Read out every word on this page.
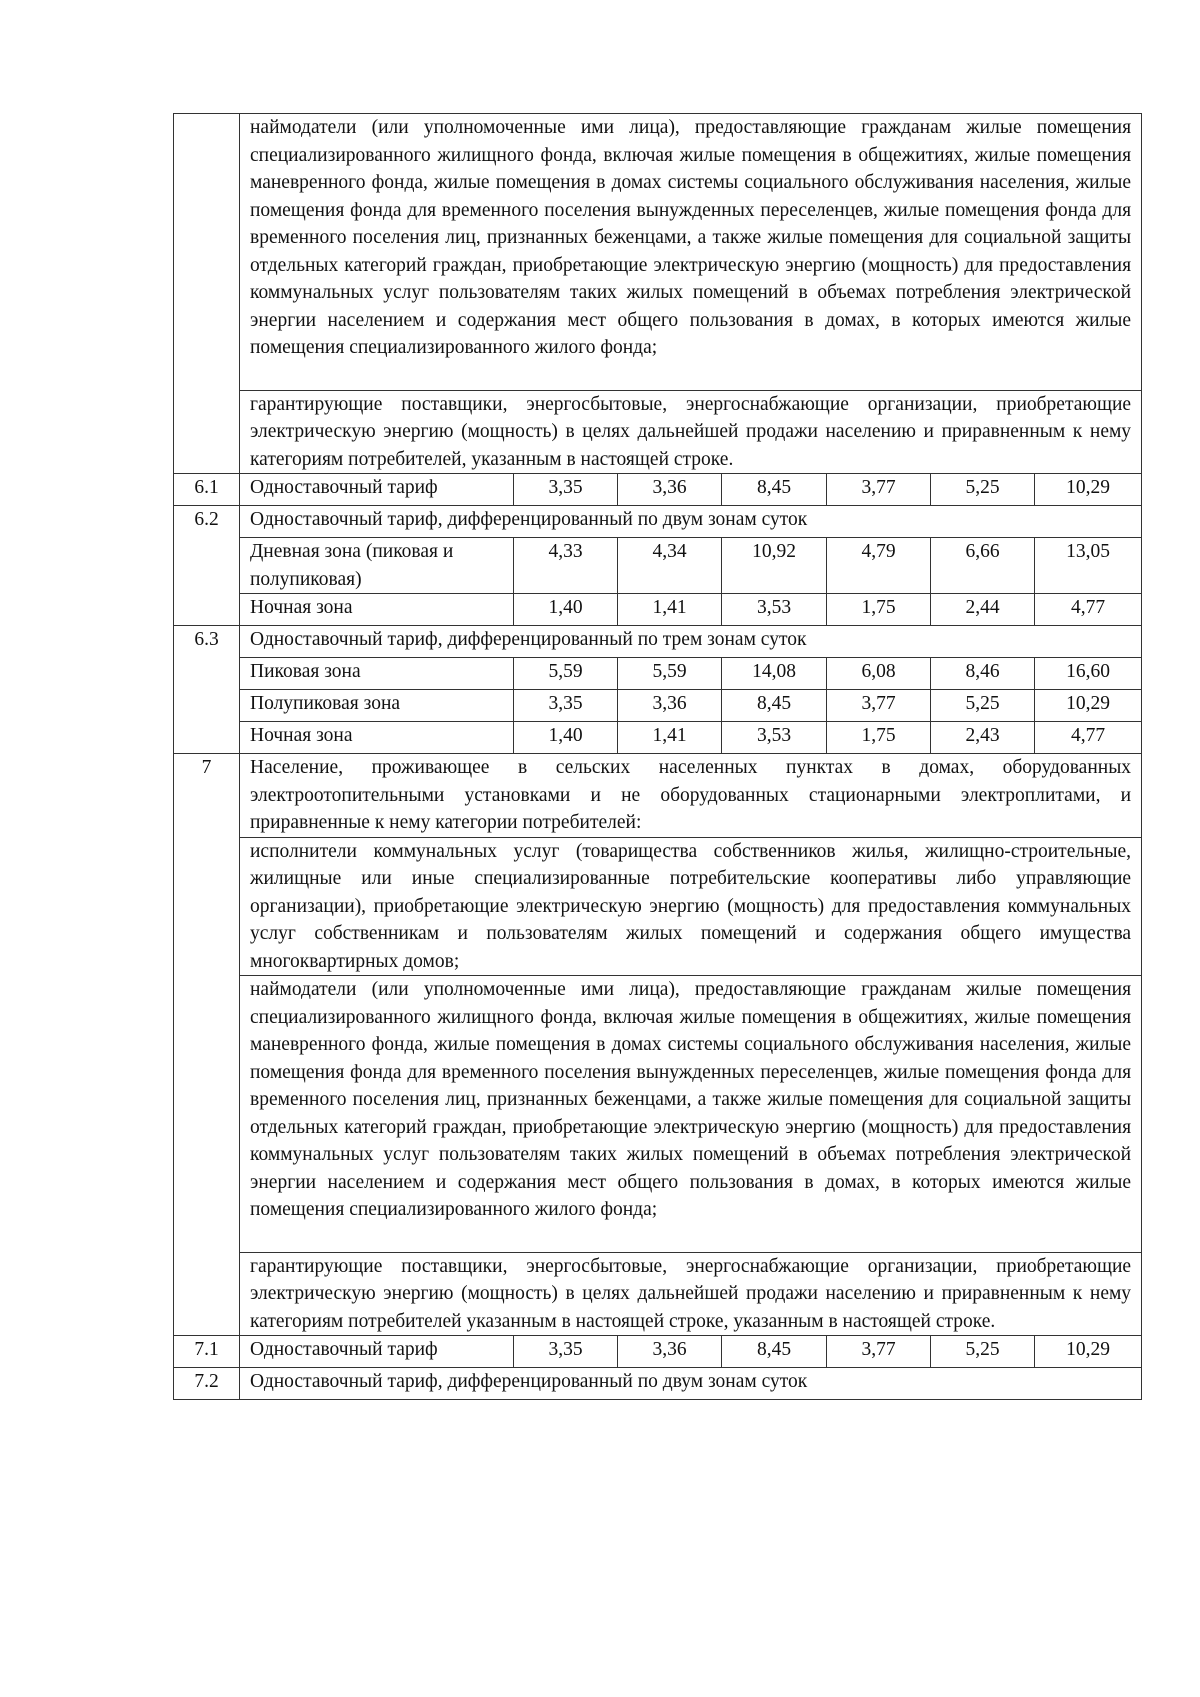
	наймодатели (или уполномоченные ими лица), предоставляющие гражданам жилые помещения специализированного жилищного фонда, включая жилые помещения в общежитиях, жилые помещения маневренного фонда, жилые помещения в домах системы социального обслуживания населения, жилые помещения фонда для временного поселения вынужденных переселенцев, жилые помещения фонда для временного поселения лиц, признанных беженцами, а также жилые помещения для социальной защиты отдельных категорий граждан, приобретающие электрическую энергию (мощность) для предоставления коммунальных услуг пользователям таких жилых помещений в объемах потребления электрической энергии населением и содержания мест общего пользования в домах, в которых имеются жилые помещения специализированного жилого фонда;						

	гарантирующие поставщики, энергосбытовые, энергоснабжающие организации, приобретающие электрическую энергию (мощность) в целях дальнейшей продажи населению и приравненным к нему категориям потребителей, указанным в настоящей строке.						
6.1	Одноставочный тариф	3,35	3,36	8,45	3,77	5,25	10,29
6.2	Одноставочный тариф, дифференцированный по двум зонам суток						
	Дневная зона (пиковая и полупиковая)	4,33	4,34	10,92	4,79	6,66	13,05
	Ночная зона	1,40	1,41	3,53	1,75	2,44	4,77
6.3	Одноставочный тариф, дифференцированный по трем зонам суток						
	Пиковая зона	5,59	5,59	14,08	6,08	8,46	16,60
	Полупиковая зона	3,35	3,36	8,45	3,77	5,25	10,29
	Ночная зона	1,40	1,41	3,53	1,75	2,43	4,77
7	Население, проживающее в сельских населенных пунктах в домах, оборудованных электроотопительными установками и не оборудованных стационарными электроплитами, и приравненные к нему категории потребителей:						
	исполнители коммунальных услуг (товарищества собственников жилья, жилищно-строительные, жилищные или иные специализированные потребительские кооперативы либо управляющие организации), приобретающие электрическую энергию (мощность) для предоставления коммунальных услуг собственникам и пользователям жилых помещений и содержания общего имущества многоквартирных домов;						
	наймодатели (или уполномоченные ими лица), предоставляющие гражданам жилые помещения специализированного жилищного фонда, включая жилые помещения в общежитиях, жилые помещения маневренного фонда, жилые помещения в домах системы социального обслуживания населения, жилые помещения фонда для временного поселения вынужденных переселенцев, жилые помещения фонда для временного поселения лиц, признанных беженцами, а также жилые помещения для социальной защиты отдельных категорий граждан, приобретающие электрическую энергию (мощность) для предоставления коммунальных услуг пользователям таких жилых помещений в объемах потребления электрической энергии населением и содержания мест общего пользования в домах, в которых имеются жилые помещения специализированного жилого фонда;						

	гарантирующие поставщики, энергосбытовые, энергоснабжающие организации, приобретающие электрическую энергию (мощность) в целях дальнейшей продажи населению и приравненным к нему категориям потребителей указанным в настоящей строке, указанным в настоящей строке.						
7.1	Одноставочный тариф	3,35	3,36	8,45	3,77	5,25	10,29
7.2	Одноставочный тариф, дифференцированный по двум зонам суток						
